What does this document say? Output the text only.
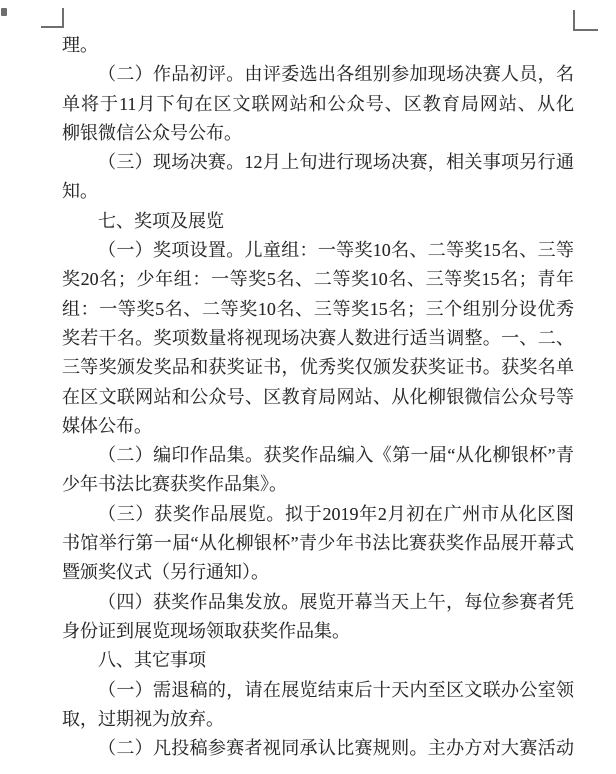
理。
（二）作品初评。由评委选出各组别参加现场决赛人员，名
单将于11月下旬在区文联网站和公众号、区教育局网站、从化
柳银微信公众号公布。
（三）现场决赛。12月上旬进行现场决赛，相关事项另行通
知。
七、奖项及展览
（一）奖项设置。儿童组：一等奖10名、二等奖15名、三等
奖20名；少年组：一等奖5名、二等奖10名、三等奖15名；青年
组：一等奖5名、二等奖10名、三等奖15名；三个组别分设优秀
奖若干名。奖项数量将视现场决赛人数进行适当调整。一、二、
三等奖颁发奖品和获奖证书，优秀奖仅颁发获奖证书。获奖名单
在区文联网站和公众号、区教育局网站、从化柳银微信公众号等
媒体公布。
（二）编印作品集。获奖作品编入《第一届“从化柳银杯”青
少年书法比赛获奖作品集》。
（三）获奖作品展览。拟于2019年2月初在广州市从化区图
书馆举行第一届“从化柳银杯”青少年书法比赛获奖作品展开幕式
暨颁奖仪式（另行通知）。
（四）获奖作品集发放。展览开幕当天上午，每位参赛者凭
身份证到展览现场领取获奖作品集。
八、其它事项
（一）需退稿的，请在展览结束后十天内至区文联办公室领
取，过期视为放弃。
（二）凡投稿参赛者视同承认比赛规则。主办方对大赛活动
